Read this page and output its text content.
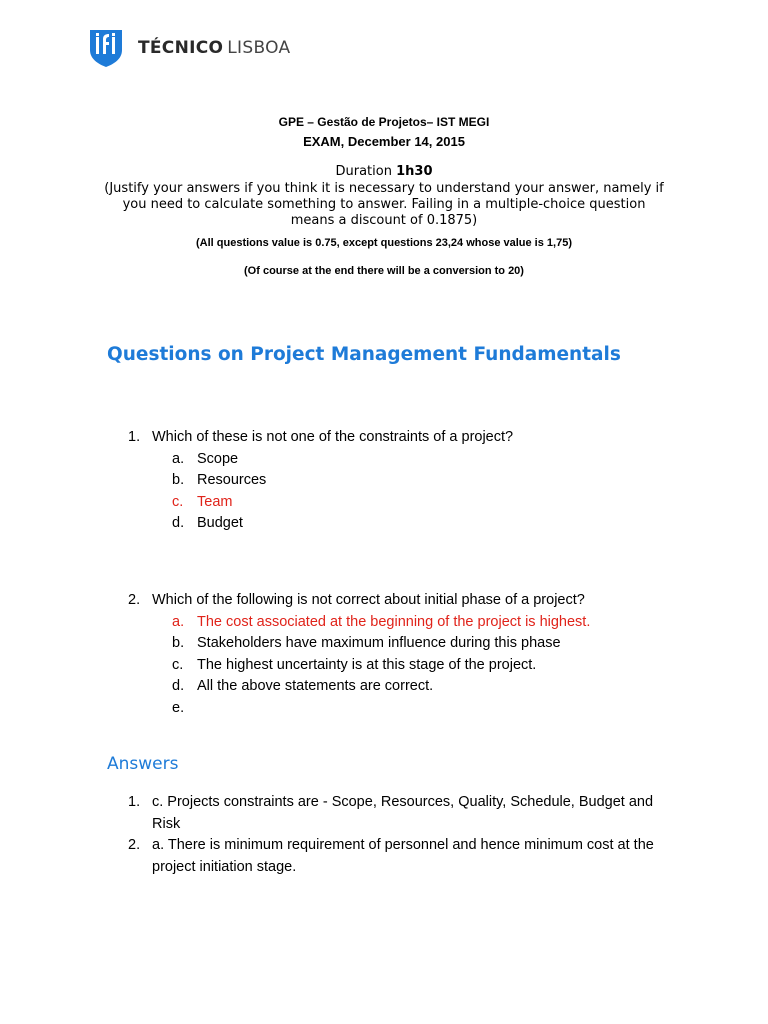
TÉCNICO LISBOA
GPE – Gestão de Projetos– IST MEGI
EXAM, December 14, 2015
Duration 1h30
(Justify your answers if you think it is necessary to understand your answer, namely if you need to calculate something to answer. Failing in a multiple-choice question means a discount of 0.1875)
(All questions value is 0.75, except questions 23,24 whose value is 1,75)
(Of course at the end there will be a conversion to 20)
Questions on Project Management Fundamentals
1. Which of these is not one of the constraints of a project?
a. Scope
b. Resources
c. Team
d. Budget
2. Which of the following is not correct about initial phase of a project?
a. The cost associated at the beginning of the project is highest.
b. Stakeholders have maximum influence during this phase
c. The highest uncertainty is at this stage of the project.
d. All the above statements are correct.
e.
Answers
1. c. Projects constraints are - Scope, Resources, Quality, Schedule, Budget and Risk
2. a. There is minimum requirement of personnel and hence minimum cost at the project initiation stage.
